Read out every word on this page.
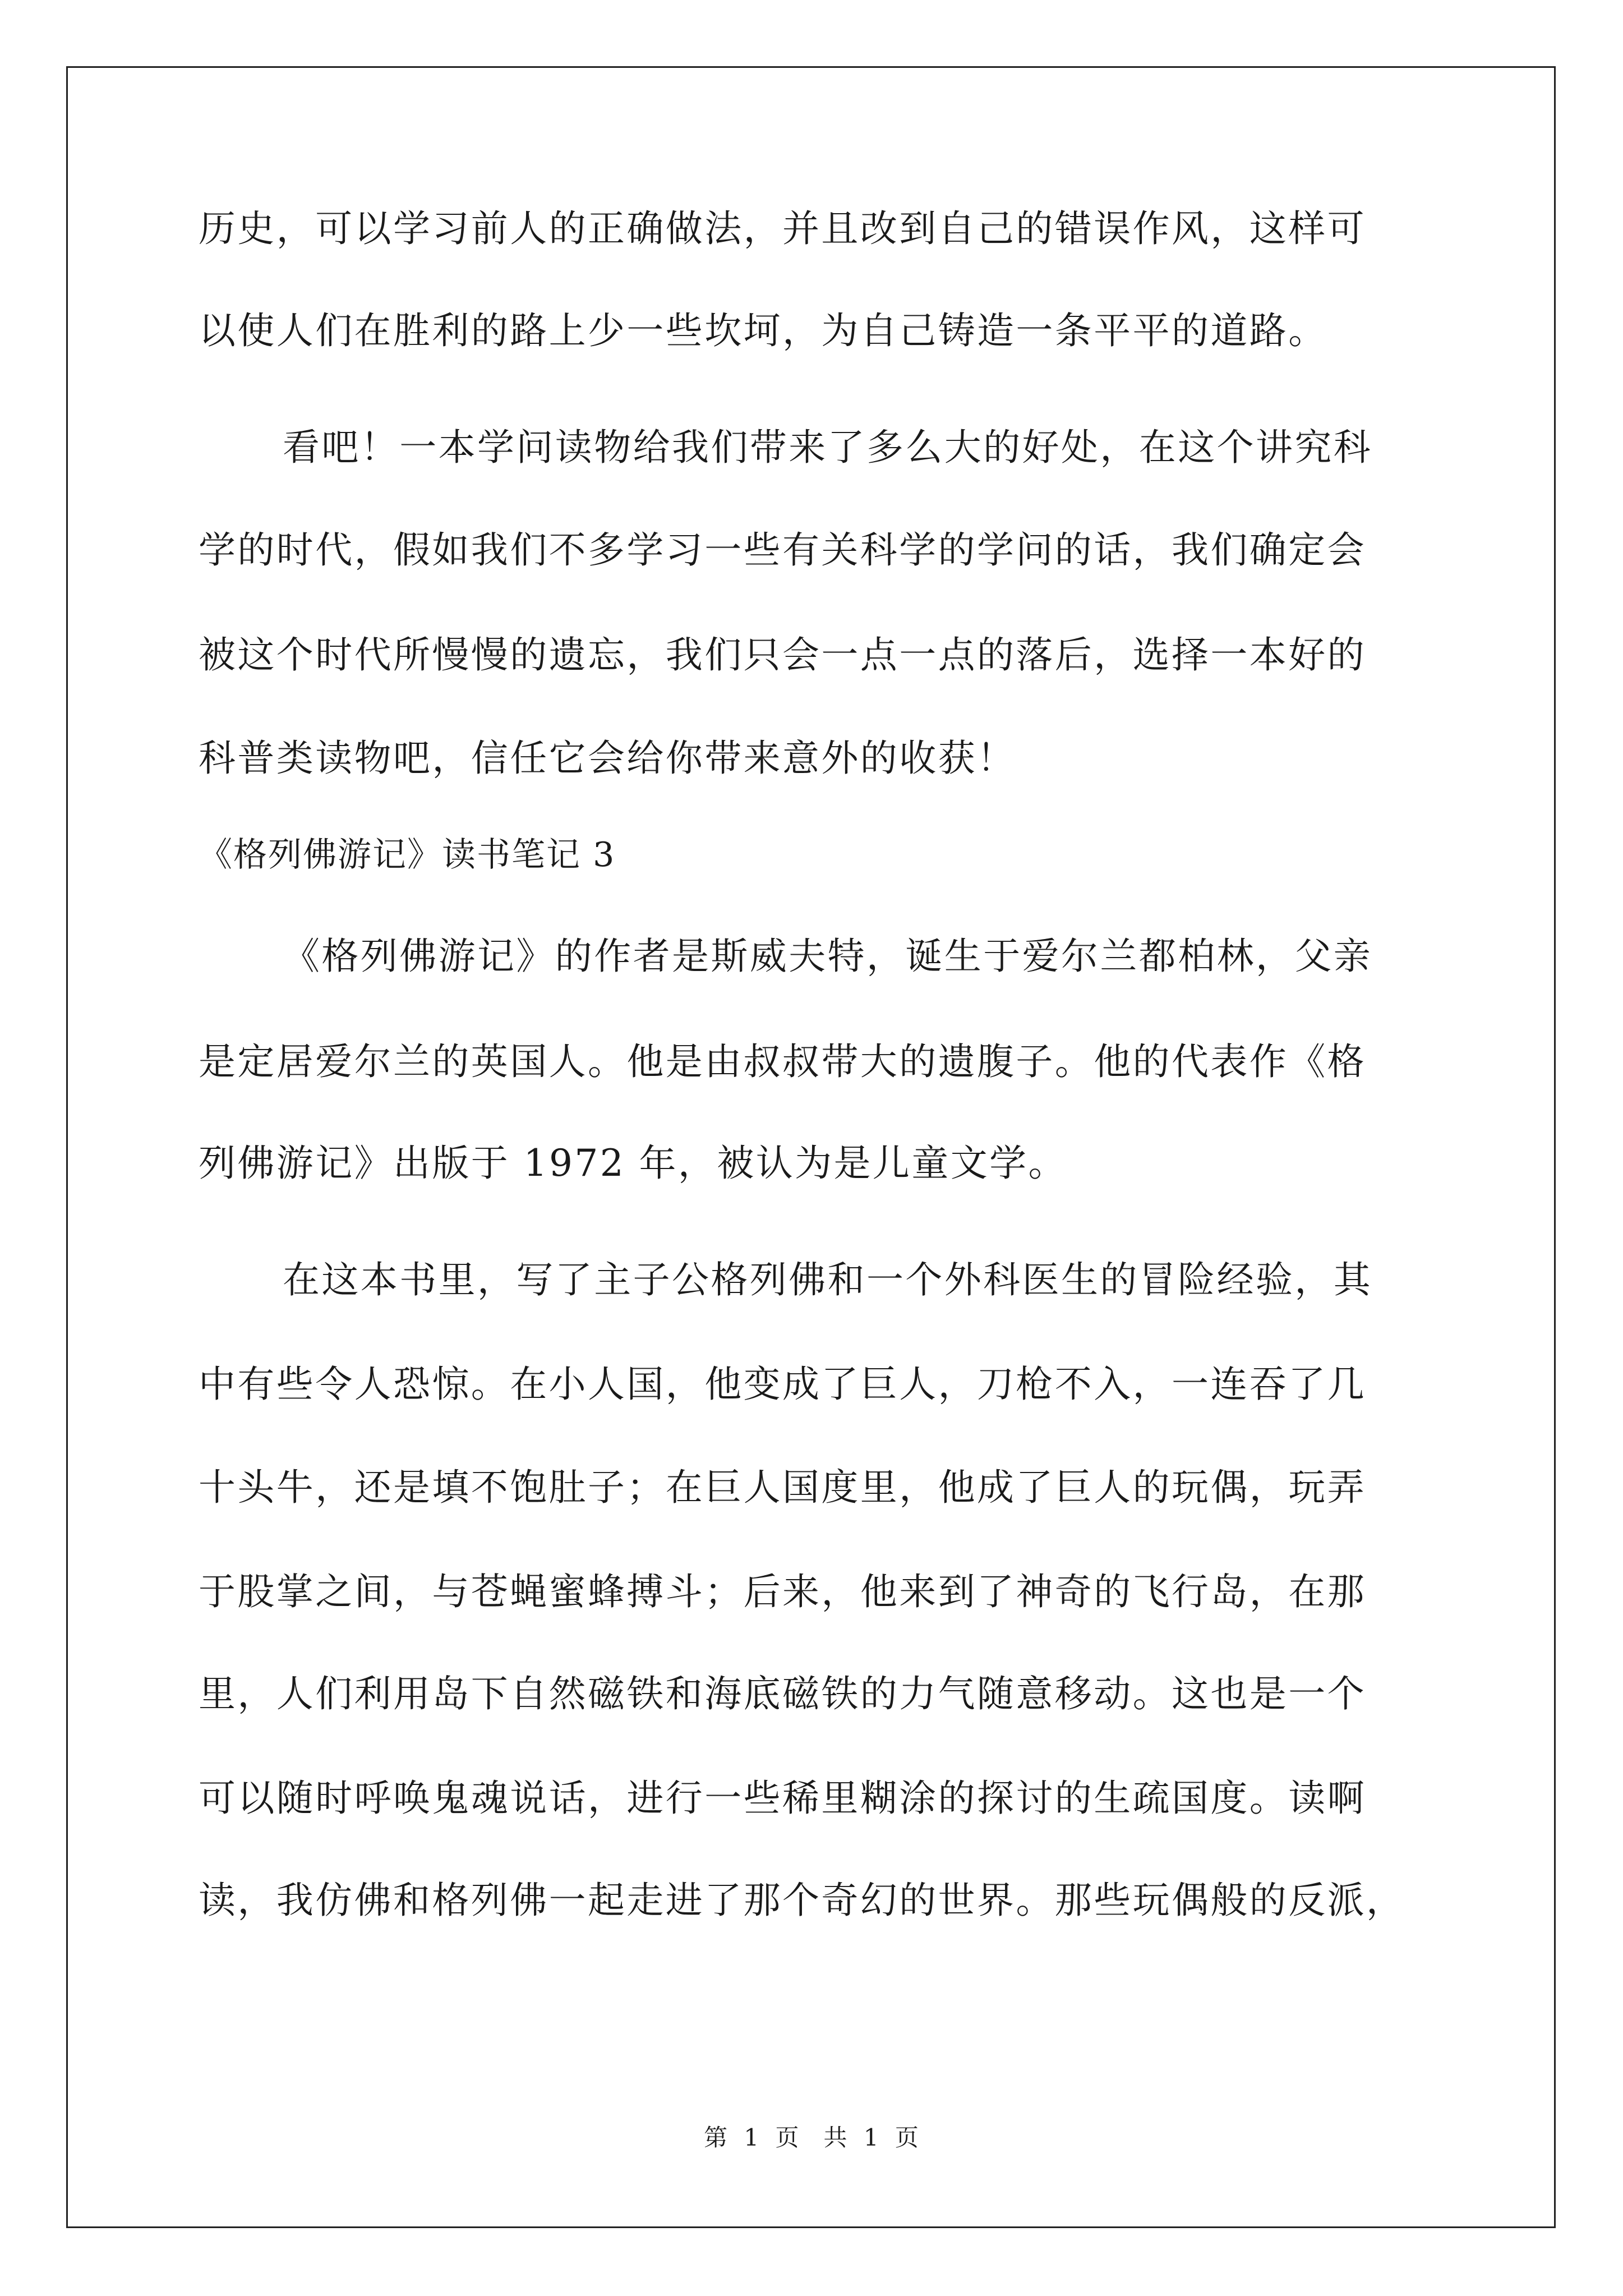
历史，可以学习前人的正确做法，并且改到自己的错误作风，这样可
以使人们在胜利的路上少一些坎坷，为自己铸造一条平平的道路。
看吧！一本学问读物给我们带来了多么大的好处，在这个讲究科
学的时代，假如我们不多学习一些有关科学的学问的话，我们确定会
被这个时代所慢慢的遗忘，我们只会一点一点的落后，选择一本好的
科普类读物吧，信任它会给你带来意外的收获！
《格列佛游记》读书笔记 3
《格列佛游记》的作者是斯威夫特，诞生于爱尔兰都柏林，父亲
是定居爱尔兰的英国人。他是由叔叔带大的遗腹子。他的代表作《格
列佛游记》出版于 1972 年，被认为是儿童文学。
在这本书里，写了主子公格列佛和一个外科医生的冒险经验，其
中有些令人恐惊。在小人国，他变成了巨人，刀枪不入，一连吞了几
十头牛，还是填不饱肚子；在巨人国度里，他成了巨人的玩偶，玩弄
于股掌之间，与苍蝇蜜蜂搏斗；后来，他来到了神奇的飞行岛，在那
里，人们利用岛下自然磁铁和海底磁铁的力气随意移动。这也是一个
可以随时呼唤鬼魂说话，进行一些稀里糊涂的探讨的生疏国度。读啊
读，我仿佛和格列佛一起走进了那个奇幻的世界。那些玩偶般的反派，
第 1 页　共 1 页
